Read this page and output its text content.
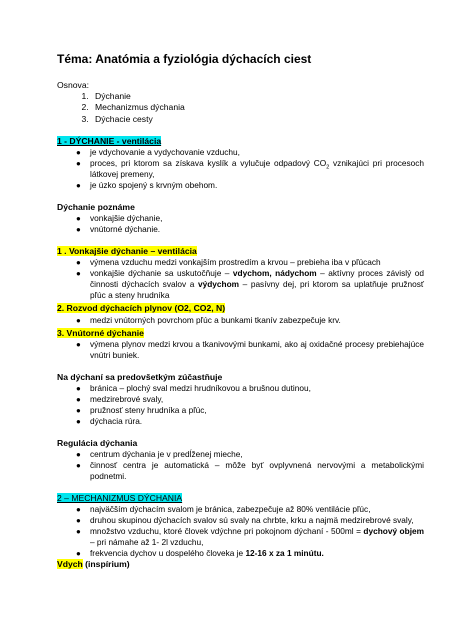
Téma: Anatómia a fyziológia dýchacích ciest

Osnova:

1. Dýchanie
2. Mechanizmus dýchania
3. Dýchacie cesty

1 - DÝCHANIE - ventilácia

● je vdychovanie a vydychovanie vzduchu,
● proces, pri ktorom sa získava kyslík a vylučuje odpadový $CO_2$ vznikajúci pri procesoch látkovej premeny,
● je úzko spojený s krvným obehom.

Dýchanie poznáme

● vonkajšie dýchanie,
● vnútorné dýchanie.

1 . Vonkajšie dýchanie – ventilácia

● výmena vzduchu medzi vonkajším prostredím a krvou – prebieha iba v pľúcach
● vonkajšie dýchanie sa uskutočňuje – vdychom, nádychom – aktívny proces závislý od činnosti dýchacích svalov a výdychom – pasívny dej, pri ktorom sa uplatňuje pružnosť pľúc a steny hrudníka

2. Rozvod dýchacích plynov (O2, CO2, N)

● medzi vnútorných povrchom pľúc a bunkami tkanív zabezpečuje krv.

3. Vnútorné dýchanie

● výmena plynov medzi krvou a tkanivovými bunkami, ako aj oxidačné procesy prebiehajúce vnútri buniek.

Na dýchaní sa predovšetkým zúčastňuje

● bránica – plochý sval medzi hrudníkovou a brušnou dutinou,
● medzirebrové svaly,
● pružnosť steny hrudníka a pľúc,
● dýchacia rúra.

Regulácia dýchania

● centrum dýchania je v predĺženej mieche,
● činnosť centra je automatická – môže byť ovplyvnená nervovými a metabolickými podnetmi.

2 – MECHANIZMUS DÝCHANIA

● najväčším dýchacím svalom je bránica, zabezpečuje až 80% ventilácie pľúc,
● druhou skupinou dýchacích svalov sú svaly na chrbte, krku a najmä medzirebrové svaly,
● množstvo vzduchu, ktoré človek vdýchne pri pokojnom dýchaní - 500ml = dychový objem – pri námahe až 1- 2l vzduchu,
● frekvencia dychov u dospelého človeka je 12-16 x za 1 minútu.

Vdych (inspírium)
